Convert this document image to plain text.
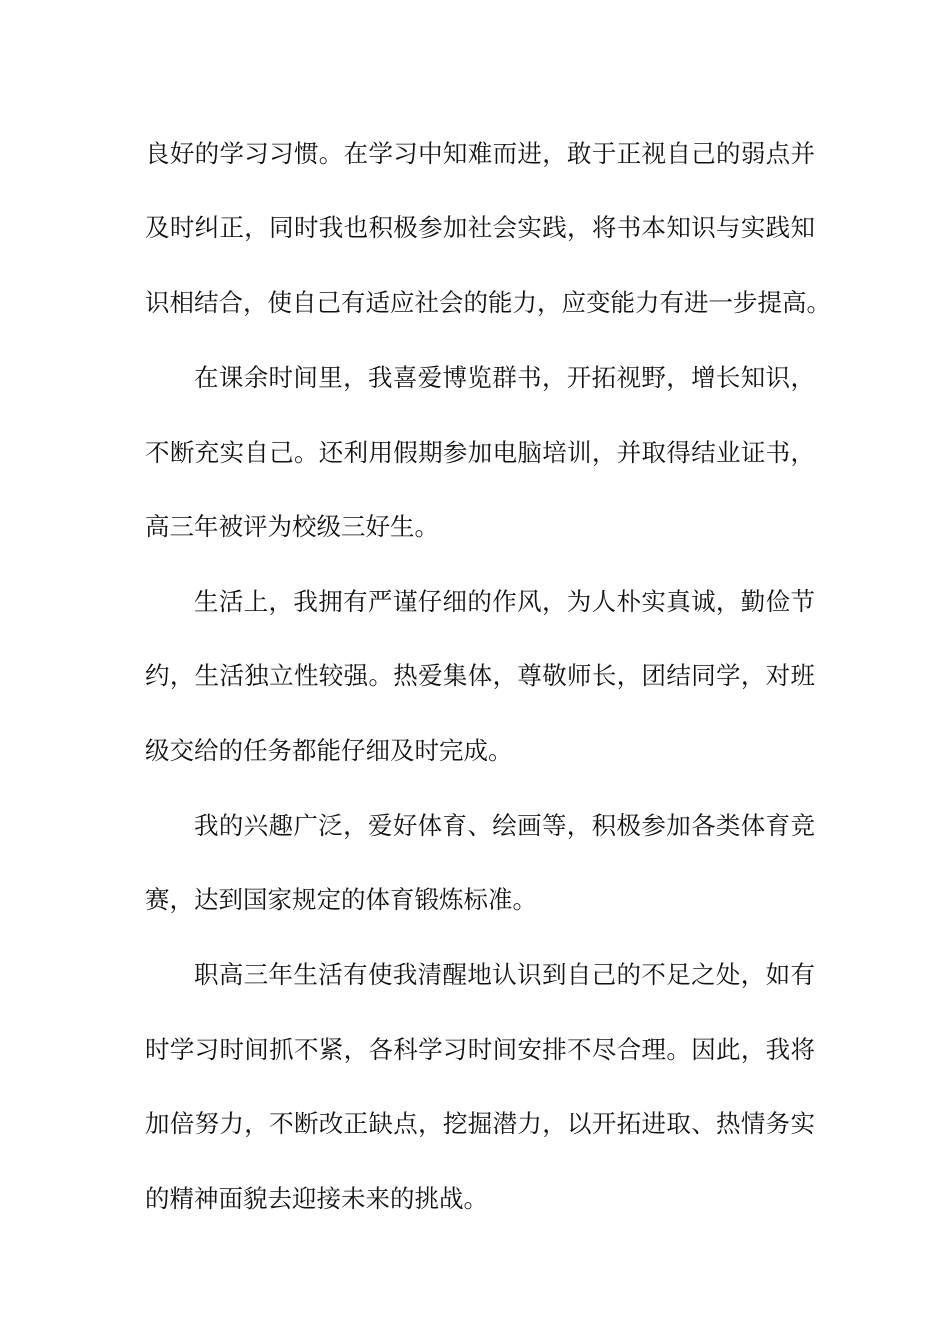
良好的学习习惯。在学习中知难而进，敢于正视自己的弱点并
及时纠正，同时我也积极参加社会实践，将书本知识与实践知
识相结合，使自己有适应社会的能力，应变能力有进一步提高。
在课余时间里，我喜爱博览群书，开拓视野，增长知识，
不断充实自己。还利用假期参加电脑培训，并取得结业证书，
高三年被评为校级三好生。
生活上，我拥有严谨仔细的作风，为人朴实真诚，勤俭节
约，生活独立性较强。热爱集体，尊敬师长，团结同学，对班
级交给的任务都能仔细及时完成。
我的兴趣广泛，爱好体育、绘画等，积极参加各类体育竞
赛，达到国家规定的体育锻炼标准。
职高三年生活有使我清醒地认识到自己的不足之处，如有
时学习时间抓不紧，各科学习时间安排不尽合理。因此，我将
加倍努力，不断改正缺点，挖掘潜力，以开拓进取、热情务实
的精神面貌去迎接未来的挑战。
